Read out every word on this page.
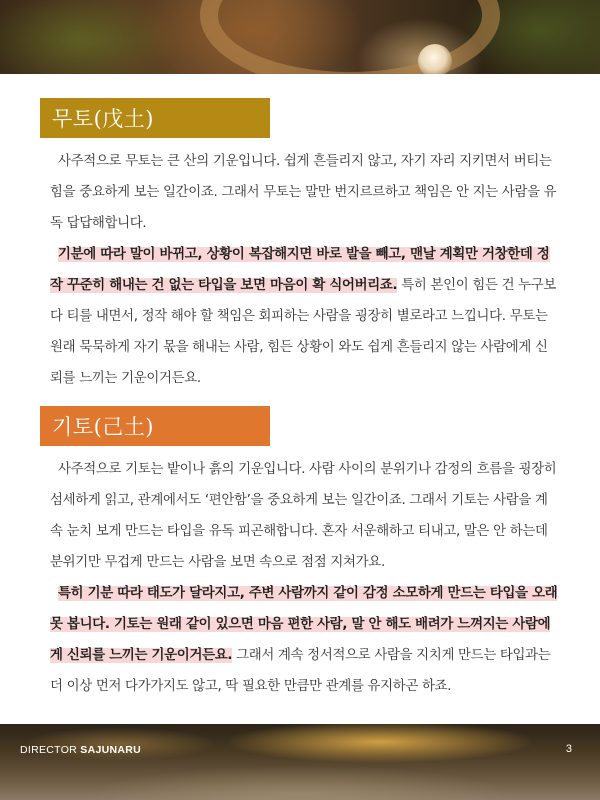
무토(戊土)
사주적으로 무토는 큰 산의 기운입니다. 쉽게 흔들리지 않고, 자기 자리 지키면서 버티는 힘을 중요하게 보는 일간이죠. 그래서 무토는 말만 번지르르하고 책임은 안 지는 사람을 유독 답답해합니다.
기분에 따라 말이 바뀌고, 상황이 복잡해지면 바로 발을 빼고, 맨날 계획만 거창한데 정작 꾸준히 해내는 건 없는 타입을 보면 마음이 확 식어버리죠. 특히 본인이 힘든 건 누구보다 티를 내면서, 정작 해야 할 책임은 회피하는 사람을 굉장히 별로라고 느낍니다. 무토는 원래 묵묵하게 자기 몫을 해내는 사람, 힘든 상황이 와도 쉽게 흔들리지 않는 사람에게 신뢰를 느끼는 기운이거든요.
기토(己土)
사주적으로 기토는 밭이나 흙의 기운입니다. 사람 사이의 분위기나 감정의 흐름을 굉장히 섬세하게 읽고, 관계에서도 ‘편안함’을 중요하게 보는 일간이죠. 그래서 기토는 사람을 계속 눈치 보게 만드는 타입을 유독 피곤해합니다. 혼자 서운해하고 티내고, 말은 안 하는데 분위기만 무겁게 만드는 사람을 보면 속으로 점점 지쳐가요.
특히 기분 따라 태도가 달라지고, 주변 사람까지 같이 감정 소모하게 만드는 타입을 오래 못 봅니다. 기토는 원래 같이 있으면 마음 편한 사람, 말 안 해도 배려가 느껴지는 사람에게 신뢰를 느끼는 기운이거든요. 그래서 계속 정서적으로 사람을 지치게 만드는 타입과는 더 이상 먼저 다가가지도 않고, 딱 필요한 만큼만 관계를 유지하곤 하죠.
DIRECTOR SAJUNARU	3
